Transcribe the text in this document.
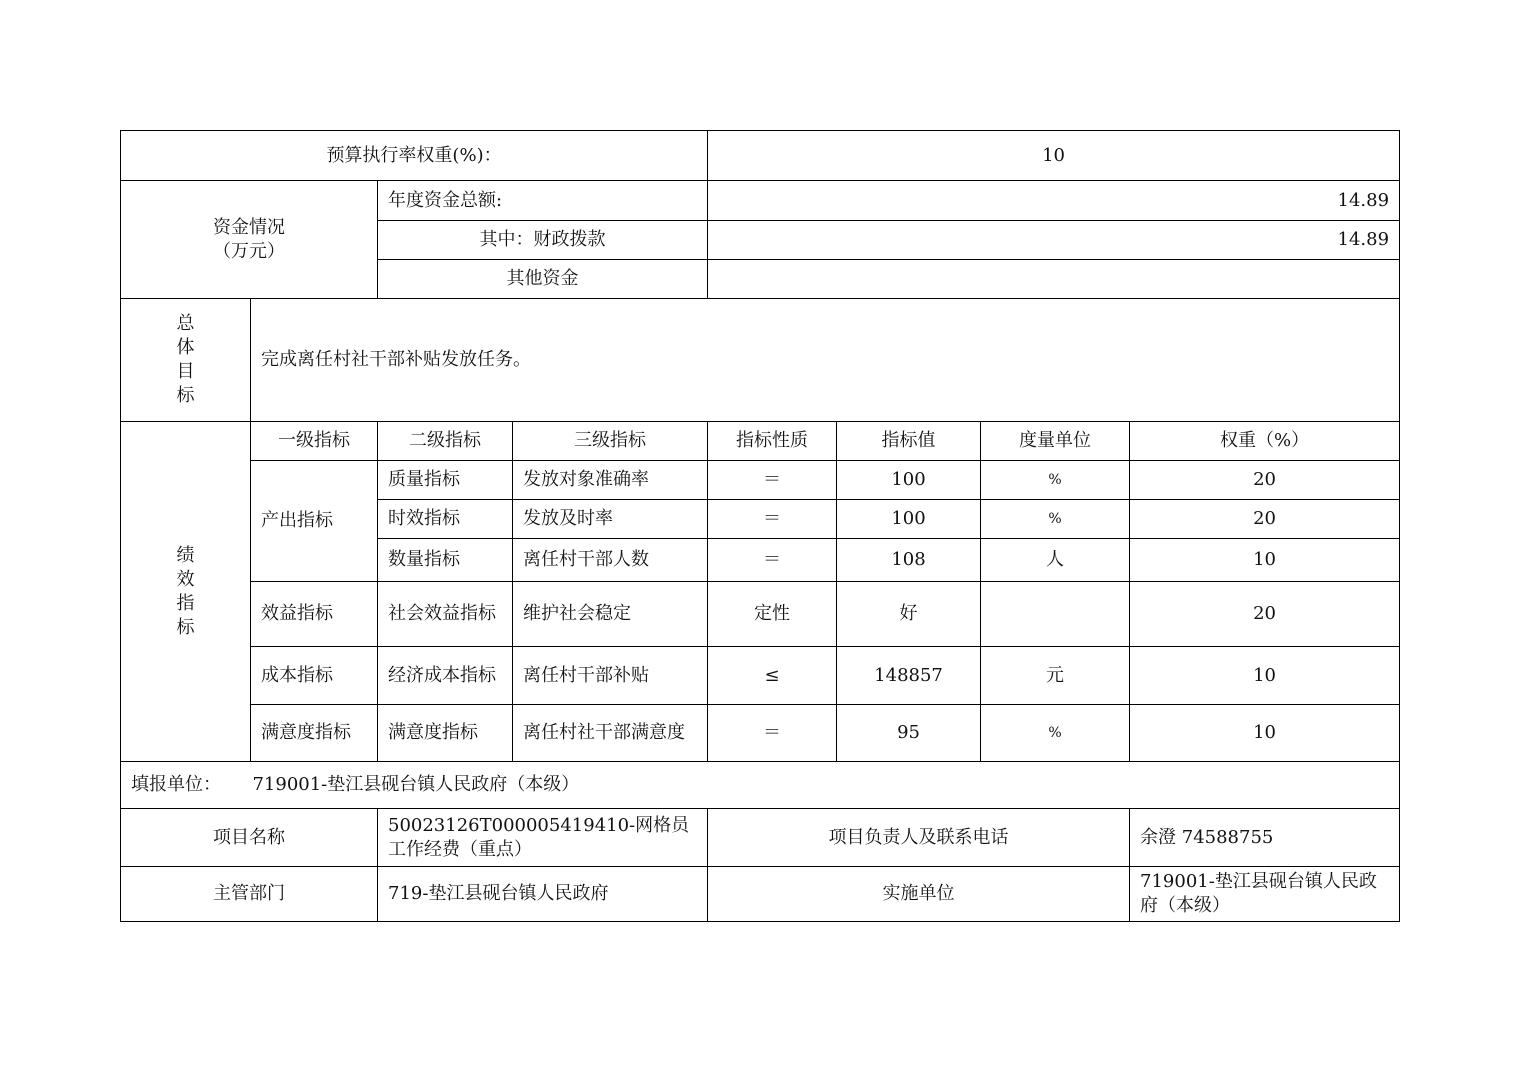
预算执行率权重(%)：				10			

资金情况
（万元）		年度资金总额:		14.89			
		其中：财政拨款		14.89			
		其他资金					

总
体
目
标	完成离任村社干部补贴发放任务。						

绩
效
指
标	一级指标	二级指标	三级指标	指标性质	指标值	度量单位	权重（%）
	产出指标	质量指标	发放对象准确率	＝	100	%	20
		时效指标	发放及时率	＝	100	%	20
		数量指标	离任村干部人数	＝	108	人	10
	效益指标	社会效益指标	维护社会稳定	定性	好		20
	成本指标	经济成本指标	离任村干部补贴	≤	148857	元	10
	满意度指标	满意度指标	离任村社干部满意度	＝	95	%	10
填报单位： 719001-垫江县砚台镇人民政府（本级）							
项目名称		50023126T000005419410-网格员工作经费（重点）		项目负责人及联系电话			余澄 74588755
主管部门		719-垫江县砚台镇人民政府		实施单位			719001-垫江县砚台镇人民政府（本级）
